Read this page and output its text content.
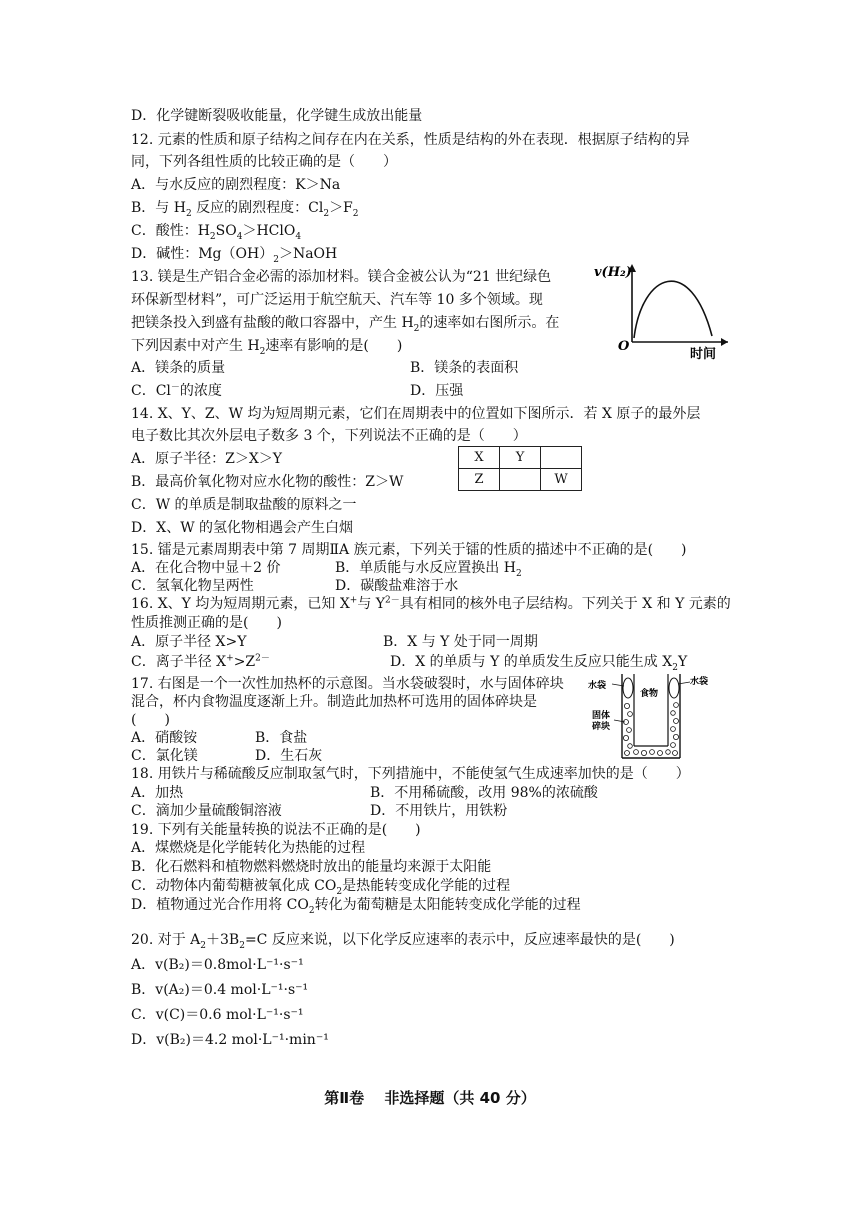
D．化学键断裂吸收能量，化学键生成放出能量
12. 元素的性质和原子结构之间存在内在关系，性质是结构的外在表现．根据原子结构的异
同，下列各组性质的比较正确的是（　　）
A．与水反应的剧烈程度：K＞Na
B．与 $H_2$ 反应的剧烈程度：$Cl_2>F_2$
C．酸性：$H_2SO_4>HClO_4$
D．碱性：$Mg(OH)_2>NaOH$
13. 镁是生产铝合金必需的添加材料。镁合金被公认为“21 世纪绿色
环保新型材料”，可广泛运用于航空航天、汽车等 10 多个领域。现
把镁条投入到盛有盐酸的敞口容器中，产生 $H_2$的速率如右图所示。在
下列因素中对产生 $H_2$速率有影响的是(　　)
A．镁条的质量	B．镁条的表面积
C．Cl－的浓度	D．压强
v(H₂)
O
时间
14. X、Y、Z、W 均为短周期元素，它们在周期表中的位置如下图所示．若 X 原子的最外层
电子数比其次外层电子数多 3 个，下列说法不正确的是（　　）
A．原子半径：Z＞X＞Y
B．最高价氧化物对应水化物的酸性：Z＞W
C．W 的单质是制取盐酸的原料之一
D．X、W 的氢化物相遇会产生白烟
X	Y	
Z		W
15. 镭是元素周期表中第 7 周期ⅡA 族元素，下列关于镭的性质的描述中不正确的是(　　)
A．在化合物中显＋2 价	B．单质能与水反应置换出 $H_2$
C．氢氧化物呈两性	D．碳酸盐难溶于水
16. X、Y 均为短周期元素，已知 X+与 $Y^{2-}$具有相同的核外电子层结构。下列关于 X 和 Y 元素的
性质推测正确的是(　　)
A．原子半径 X>Y	B．X 与 Y 处于同一周期
C．离子半径 $X^+>Z^{2-}$	D．X 的单质与 Y 的单质发生反应只能生成 $X_2Y$
17. 右图是一个一次性加热杯的示意图。当水袋破裂时，水与固体碎块
混合，杯内食物温度逐渐上升。制造此加热杯可选用的固体碎块是
(　　)
A．硝酸铵	B．食盐
C．氯化镁	D．生石灰
水袋	水袋
食物
固体
碎块
18. 用铁片与稀硫酸反应制取氢气时，下列措施中，不能使氢气生成速率加快的是（　　）
A．加热	B．不用稀硫酸，改用 98%的浓硫酸
C．滴加少量硫酸铜溶液	D．不用铁片，用铁粉
19. 下列有关能量转换的说法不正确的是(　　)
A．煤燃烧是化学能转化为热能的过程
B．化石燃料和植物燃料燃烧时放出的能量均来源于太阳能
C．动物体内葡萄糖被氧化成 $CO_2$是热能转变成化学能的过程
D．植物通过光合作用将 $CO_2$转化为葡萄糖是太阳能转变成化学能的过程
20. 对于 $A_2+3B_2=C$ 反应来说，以下化学反应速率的表示中，反应速率最快的是(　　)
A．v(B₂)＝0.8mol·L⁻¹·s⁻¹
B．v(A₂)＝0.4 mol·L⁻¹·s⁻¹
C．v(C)＝0.6 mol·L⁻¹·s⁻¹
D．v(B₂)＝4.2 mol·L⁻¹·min⁻¹
第Ⅱ卷　 非选择题（共 40 分）
